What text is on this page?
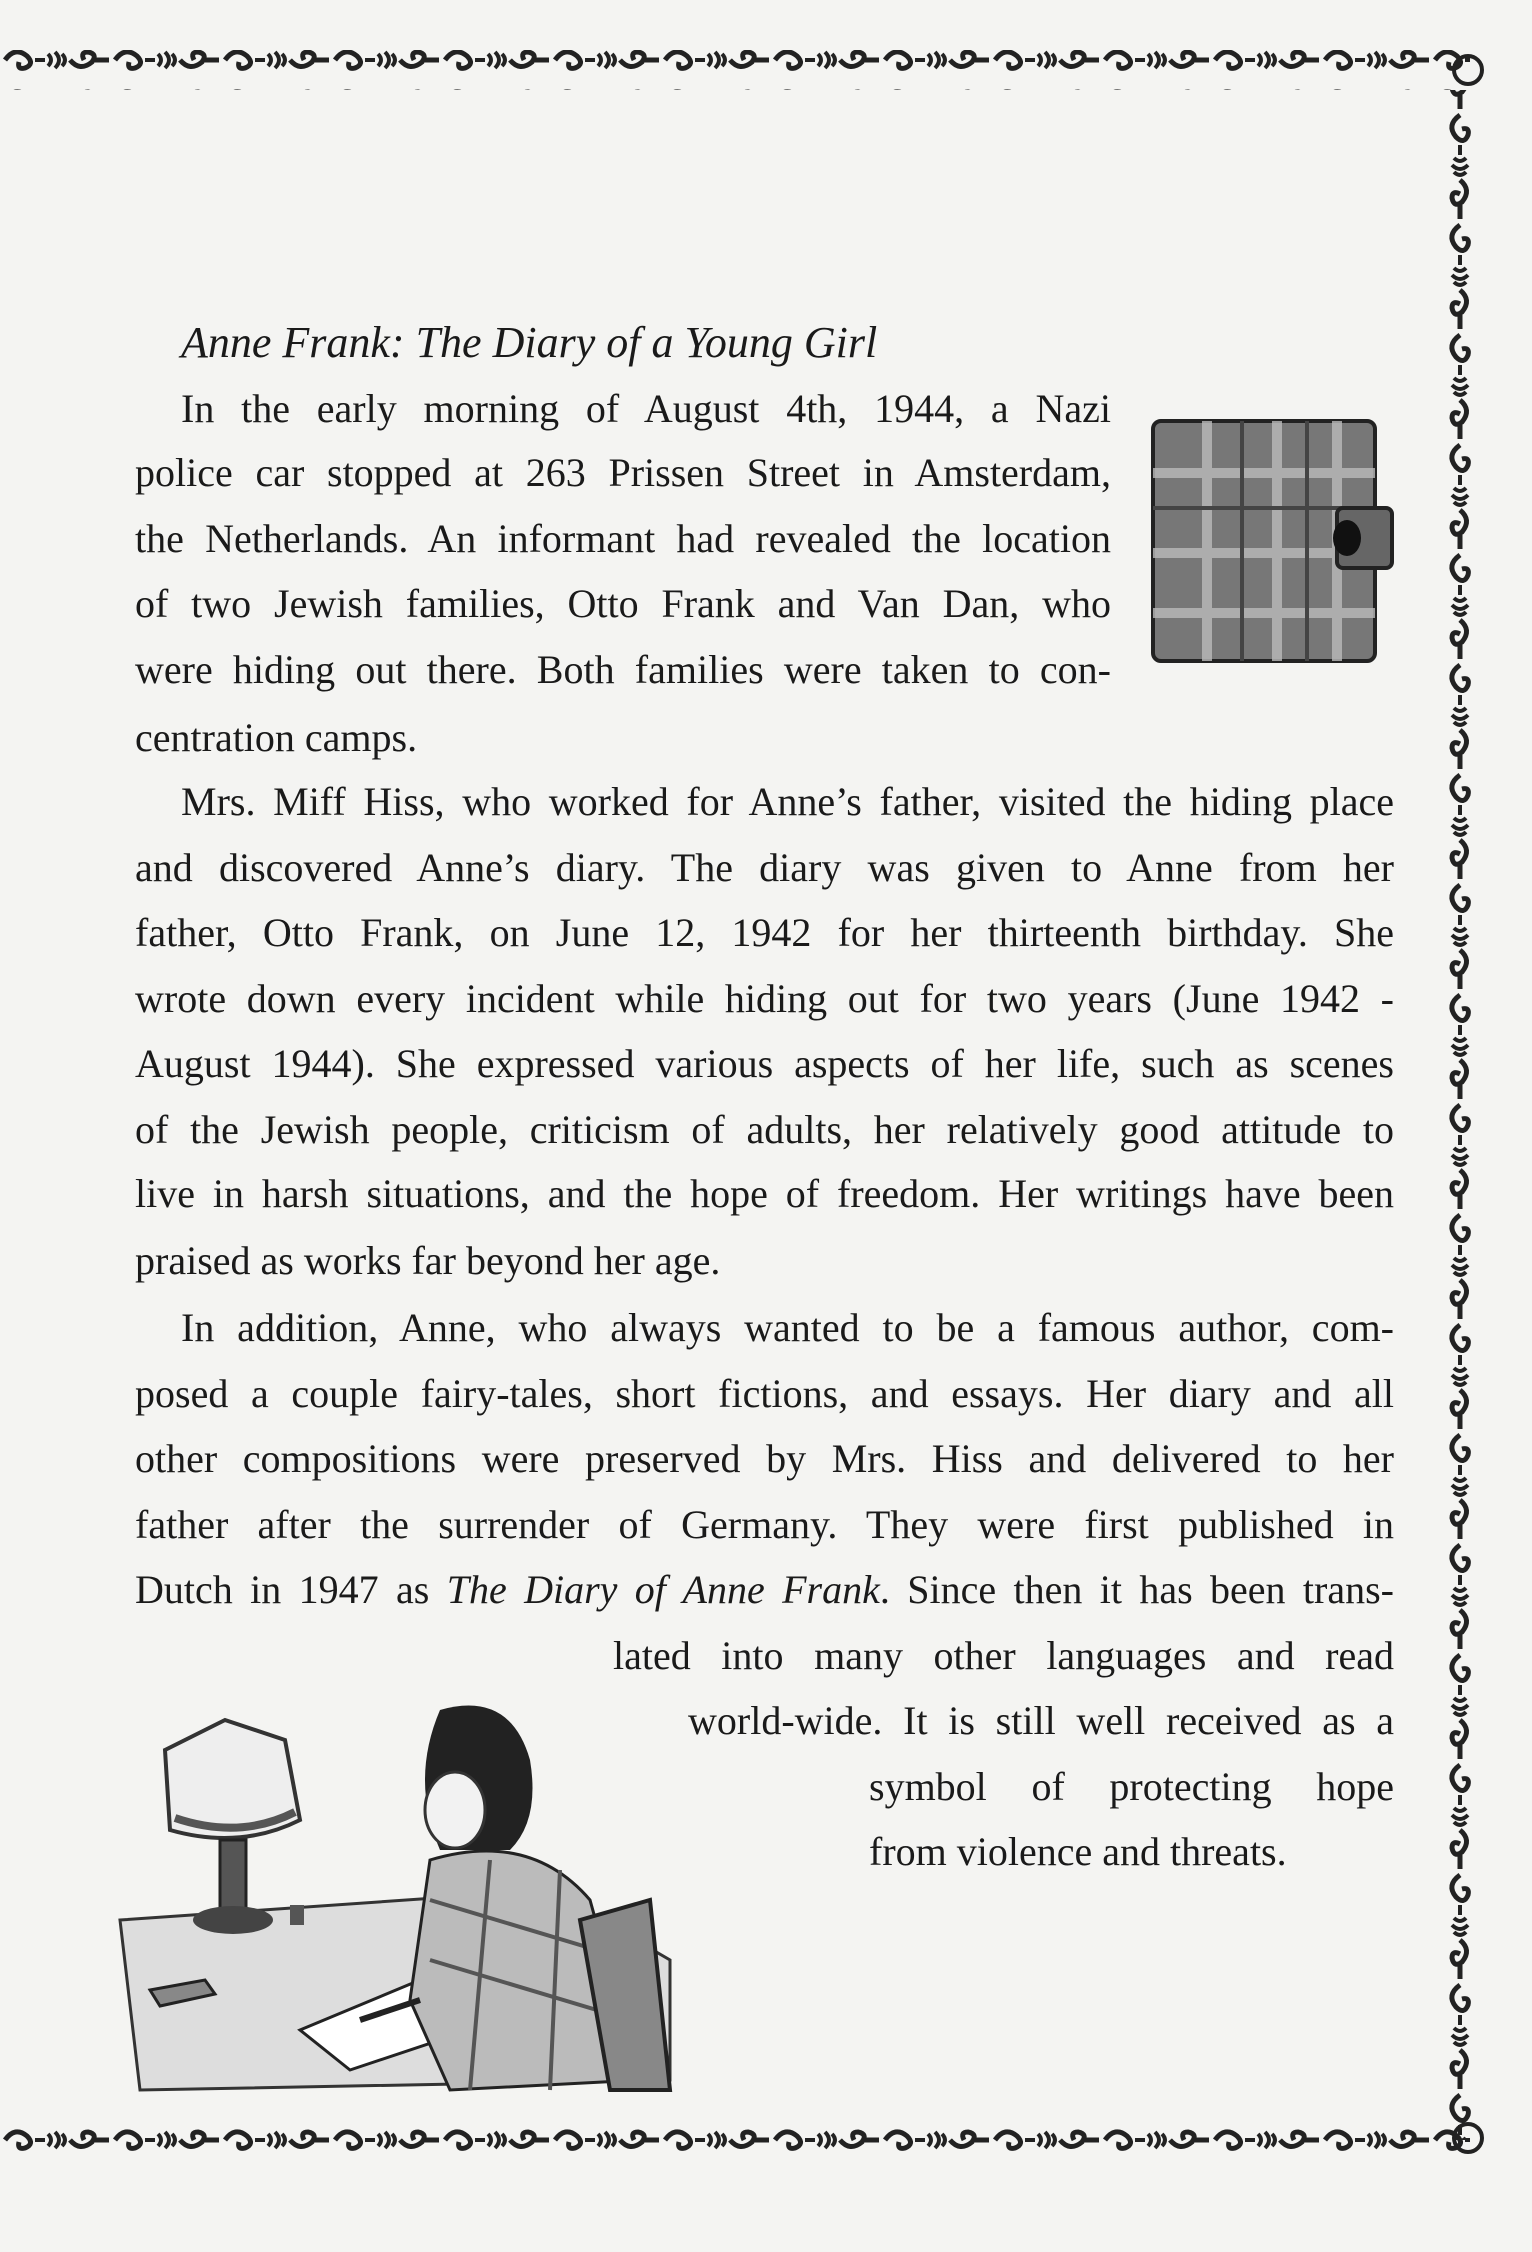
Anne Frank: The Diary of a Young Girl
In the early morning of August 4th, 1944, a Nazi
police car stopped at 263 Prissen Street in Amsterdam,
the Netherlands. An informant had revealed the location
of two Jewish families, Otto Frank and Van Dan, who
were hiding out there. Both families were taken to con-
centration camps.
Mrs. Miff Hiss, who worked for Anne’s father, visited the hiding place
and discovered Anne’s diary. The diary was given to Anne from her
father, Otto Frank, on June 12, 1942 for her thirteenth birthday. She
wrote down every incident while hiding out for two years (June 1942 -
August 1944). She expressed various aspects of her life, such as scenes
of the Jewish people, criticism of adults, her relatively good attitude to
live in harsh situations, and the hope of freedom. Her writings have been
praised as works far beyond her age.
In addition, Anne, who always wanted to be a famous author, com-
posed a couple fairy-tales, short fictions, and essays. Her diary and all
other compositions were preserved by Mrs. Hiss and delivered to her
father after the surrender of Germany. They were first published in
Dutch in 1947 as The Diary of Anne Frank. Since then it has been trans-
lated into many other languages and read
world-wide. It is still well received as a
symbol of protecting hope
from violence and threats.
